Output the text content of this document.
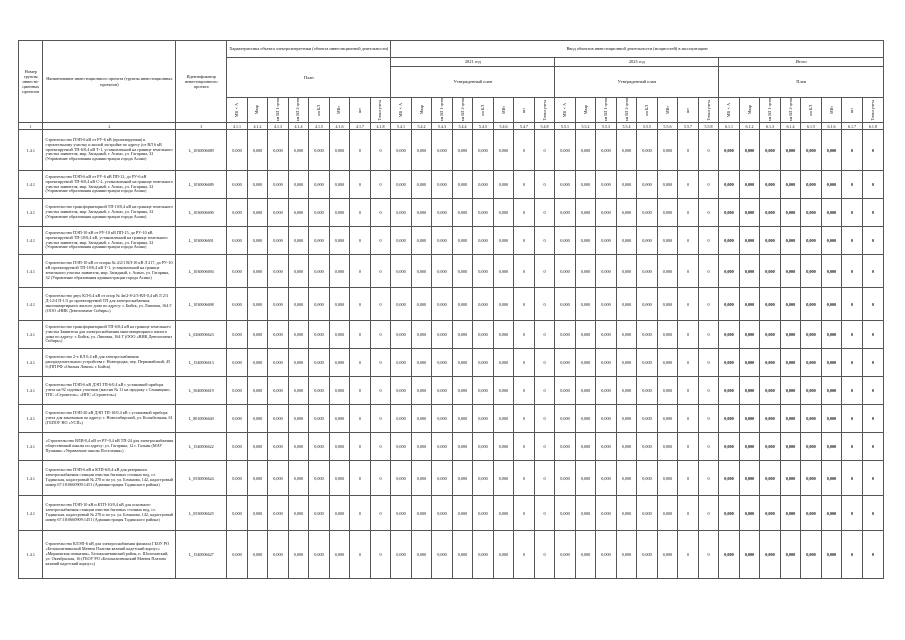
Номер группы инвести-ционных проектов	Наименование инвестиционного проекта (группы инвестиционных проектов)	Идентификатор инвестиционного проекта	Характеристика объекта электроэнергетики (объекта инвестиционной деятельности)								Ввод объектов инвестиционной деятельности (мощностей) в эксплуатацию																							
			План								2021 год								2023 год								Итого							
											Утвержденный план								Утвержденный план								План							

			МВ×А	Мвар	км ВЛ 1-цепн	км ВЛ 2-цепн	км КЛ	МВт	шт	Точки учета	МВ×А	Мвар	км ВЛ 1-цепн	км ВЛ 2-цепн	км КЛ	МВт	шт	Точки учета	МВ×А	Мвар	км ВЛ 1-цепн	км ВЛ 2-цепн	км КЛ	МВт	шт	Точки учета	МВ×А	Мвар	км ВЛ 1-цепн	км ВЛ 2-цепн	км КЛ	МВт	шт	Точки учета

1	2	3	4.1.1	4.1.2	4.1.3	4.1.4	4.1.5	4.1.6	4.1.7	4.1.8	5.4.1	5.4.2	5.4.3	5.4.4	5.4.5	5.4.6	5.4.7	5.4.8	5.5.1	5.5.2	5.5.3	5.5.4	5.5.5	5.5.6	5.5.7	5.5.8	6.1.1	6.1.2	6.1.3	6.1.4	6.1.5	6.1.6	6.1.7	6.1.8
1.4.1	Строительство ПЭП-6 кВ от РУ-6 кВ (проектируемая) к строительному участку и жилой застройке по адресу (от ВЛ 6 кВ проектируемой ТП-6/0,4 кВ Т-1, установленной на границе земельного участка заявителя, мкр. Западный, г. Асино, ул. Гагарина, 32 (Управление образования администрации города Асино)	L_1030006689	0,000	0,000	0,000	0,000	0,000	0,000	0	0	0,000	0,000	0,000	0,000	0,000	0,000	0	0	0,000	0,000	0,000	0,000	0,000	0,000	0	0	0,000	0,000	0,000	0,000	0,000	0,000	0	0
1.4.1	Строительство ПЭП-6 кВ от РУ-6 кВ ПП-12, до РУ-6 кВ проектируемой ТП-6/0,4 кВ С-2, установленной на границе земельного участка заявителя, мкр. Западный, г. Асино, ул. Гагарина, 32 (Управление образования администрации города Асино)	L_1030006689	0,000	0,000	0,000	0,000	0,000	0,000	0	0	0,000	0,000	0,000	0,000	0,000	0,000	0	0	0,000	0,000	0,000	0,000	0,000	0,000	0	0	0,000	0,000	0,000	0,000	0,000	0,000	0	0
1.4.1	Строительство трансформаторной ТП-10/0,4 кВ на границе земельного участка заявителя, мкр. Западный, г. Асино, ул. Гагарина, 32 (Управление образования администрации города Асино)	L_1030006690	0,000	0,000	0,000	0,000	0,000	0,000	0	0	0,000	0,000	0,000	0,000	0,000	0,000	0	0	0,000	0,000	0,000	0,000	0,000	0,000	0	0	0,000	0,000	0,000	0,000	0,000	0,000	0	0
1.4.1	Строительство ПЭП-10 кВ от РУ-10 кВ ПП-15, до РУ-10 кВ проектируемой ТП-10/0,4 кВ, установленной на границе земельного участка заявителя, мкр. Западный, г. Асино, ул. Гагарина, 32 (Управление образования администрации города Асино)	L_1030006691	0,000	0,000	0,000	0,000	0,000	0,000	0	0	0,000	0,000	0,000	0,000	0,000	0,000	0	0	0,000	0,000	0,000	0,000	0,000	0,000	0	0	0,000	0,000	0,000	0,000	0,000	0,000	0	0
1.4.1	Строительство ПЭП-10 кВ от опоры № 4/2/1 ВЛ-10 кВ Л 217, до РУ-10 кВ проектируемой ТП-10/0,4 кВ Т-1, установленной на границе земельного участка заявителя, мкр. Западный, г. Асино, ул. Гагарина, 32 (Управление образования администрации города Асино)	L_1030006694	0,000	0,000	0,000	0,000	0,000	0,000	0	0	0,000	0,000	0,000	0,000	0,000	0,000	0	0	0,000	0,000	0,000	0,000	0,000	0,000	0	0	0,000	0,000	0,000	0,000	0,000	0,000	0	0
1.4.1	Строительство двух КЛ-0,4 кВ от опор № 4в/2-8-2/3-ВЛ-0,4 кВ Л 2/3 Д-12/4 П-1/3 до проектируемой ТП для электроснабжения многоквартирного жилого дома по адресу: г. Бийск, ул. Липовая, 164 Г (ООО «НИК Девелопмент Сибирь»)	L_1030006698	0,000	0,000	0,000	0,000	0,000	0,000	0	0	0,000	0,000	0,000	0,000	0,000	0,000	0	0	0,000	0,000	0,000	0,000	0,000	0,000	0	0	0,000	0,000	0,000	0,000	0,000	0,000	0	0
1.4.1	Строительство трансформаторной ТП-6/0,4 кВ на границе земельного участка Заявителя для электроснабжения многоквартирного жилого дома по адресу: г. Бийск, ул. Липовая, 164 Г (ООО «НИК Девелопмент Сибирь»)	L_0260006623	0,000	0,000	0,000	0,000	0,000	0,000	0	0	0,000	0,000	0,000	0,000	0,000	0,000	0	0	0,000	0,000	0,000	0,000	0,000	0,000	0	0	0,000	0,000	0,000	0,000	0,000	0,000	0	0
1.4.1	Строительство 2-х КЛ 0,4 кВ для электроснабжения распределительного устройства г. Новгородка, пер. Первомайский, 45 б (ПП РФ «Омская Лампа» г. Бийск)	L_1540006613	0,000	0,000	0,000	0,000	0,000	0,000	0	0	0,000	0,000	0,000	0,000	0,000	0,000	0	0	0,000	0,000	0,000	0,000	0,000	0,000	0	0	0,000	0,000	0,000	0,000	0,000	0,000	0	0
1.4.1	Строительство ПЭП-6 кВ ДЭП ТП-6/0,4 кВ с установкой прибора учета на 92 садовых участков (массив № 11 на продажу с Сенницыно, ТПС «Строитель», «НПС «Строитель»)	L_5040006619	0,000	0,000	0,000	0,000	0,000	0,000	0	0	0,000	0,000	0,000	0,000	0,000	0,000	0	0	0,000	0,000	0,000	0,000	0,000	0,000	0	0	0,000	0,000	0,000	0,000	0,000	0,000	0	0
1.4.1	Строительство ПЭП-20 кВ ДЭП ТП-10/0,4 кВ с установкой прибора учета для заказчиков по адресу: г. Новосибирский, ул. Колыбельная, 61 (ГБПОУ НО «УСП»)	L_8010006640	0,000	0,000	0,000	0,000	0,000	0,000	0	0	0,000	0,000	0,000	0,000	0,000	0,000	0	0	0,000	0,000	0,000	0,000	0,000	0,000	0	0	0,000	0,000	0,000	0,000	0,000	0,000	0	0
1.4.1	«Строительство ВЛИ-0,4 кВ от РУ-0,4 кВ ТП-24 для электроснабжения общественной школы по адресу: ул. Гагарина, 12 г. Гальин (МАУ Пушкино «Управление школы Поселения»)	L_1540006622	0,000	0,000	0,000	0,000	0,000	0,000	0	0	0,000	0,000	0,000	0,000	0,000	0,000	0	0	0,000	0,000	0,000	0,000	0,000	0,000	0	0	0,000	0,000	0,000	0,000	0,000	0,000	0	0
1.4.1	Строительство ПЭП-6 кВ в КТП-6/0,4 кВ для резервного электроснабжения станции очистки бытовых сточных вод, ст. Тадинская, кадастровый № 270 и по ул. ул. Бочанова, 142, кадастровый номер 67:18:0660909:1451 (Администрация Тадинского района)	L_0530006624	0,000	0,000	0,000	0,000	0,000	0,000	0	0	0,000	0,000	0,000	0,000	0,000	0,000	0	0	0,000	0,000	0,000	0,000	0,000	0,000	0	0	0,000	0,000	0,000	0,000	0,000	0,000	0	0
1.4.1	Строительство ПЭП-10 кВ и КТП-10/0,4 кВ для основного электроснабжения станции очистки бытовых сточных вод, ст. Тадинская, кадастровый № 270 и по ул. ул. Бочанова, 142, кадастровый номер 67:18:0660909:1451 (Администрация Тадинского района)	L_0530006625	0,000	0,000	0,000	0,000	0,000	0,000	0	0	0,000	0,000	0,000	0,000	0,000	0,000	0	0	0,000	0,000	0,000	0,000	0,000	0,000	0	0	0,000	0,000	0,000	0,000	0,000	0,000	0	0
1.4.1	Строительство КЛЭП-6 кВ для электроснабжения филиала ГБОУ РО «Белокалитвинский Матвея Платова казачий кадетский корпус» «Мирновская гимназия», Белокалитвинский район, п. Шолоховский, ул. Октябрьская, 16 (ГБОУ РО «Белокалитвинский Матвея Платова казачий кадетский корпус»)	L_1540006627	0,000	0,000	0,000	0,000	0,000	0,000	0	0	0,000	0,000	0,000	0,000	0,000	0,000	0	0	0,000	0,000	0,000	0,000	0,000	0,000	0	0	0,000	0,000	0,000	0,000	0,000	0,000	0	0
